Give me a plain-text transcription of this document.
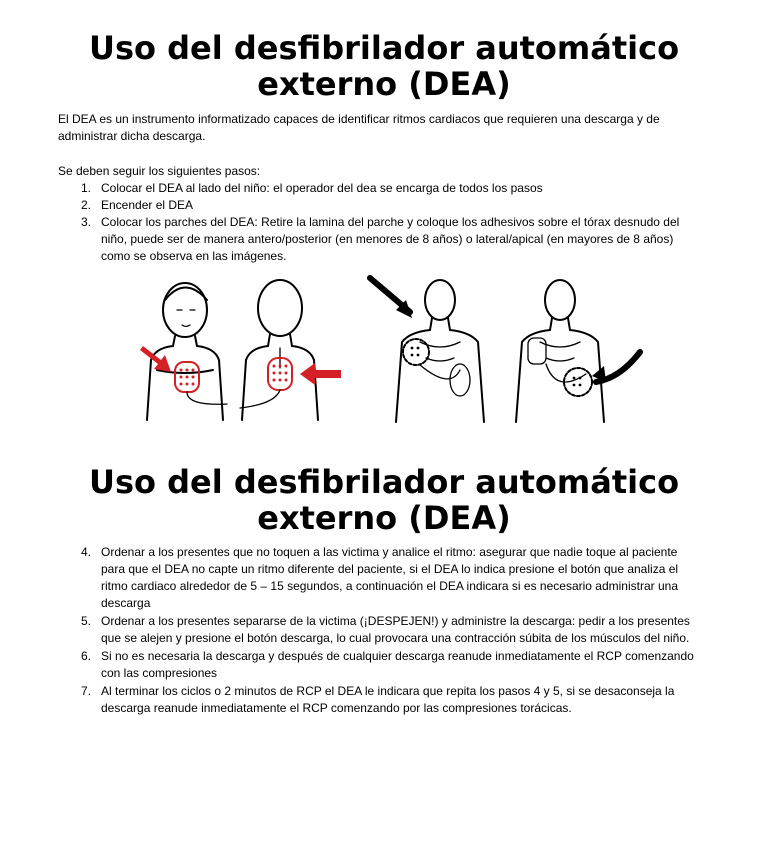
Uso del desfibrilador automático externo (DEA)

El DEA es un instrumento informatizado capaces de identificar ritmos cardiacos que requieren una descarga y de administrar dicha descarga.

Se deben seguir los siguientes pasos:

1. Colocar el DEA al lado del niño: el operador del dea se encarga de todos los pasos
2. Encender el DEA
3. Colocar los parches del DEA: Retire la lamina del parche y coloque los adhesivos sobre el tórax desnudo del niño, puede ser de manera antero/posterior (en menores de 8 años) o lateral/apical (en mayores de 8 años) como se observa en las imágenes.
Uso del desfibrilador automático externo (DEA)
4. Ordenar a los presentes que no toquen a las victima y analice el ritmo: asegurar que nadie toque al paciente para que el DEA no capte un ritmo diferente del paciente, si el DEA lo indica presione el botón que analiza el ritmo cardiaco alrededor de 5 – 15 segundos, a continuación el DEA indicara si es necesario administrar una descarga
5. Ordenar a los presentes separarse de la victima (¡DESPEJEN!) y administre la descarga: pedir a los presentes que se alejen y presione el botón descarga, lo cual provocara una contracción súbita de los músculos del niño.
6. Si no es necesaria la descarga y después de cualquier descarga reanude inmediatamente el RCP comenzando con las compresiones
7. Al terminar los ciclos o 2 minutos de RCP el DEA le indicara que repita los pasos 4 y 5, si se desaconseja la descarga reanude inmediatamente el RCP comenzando por las compresiones torácicas.
